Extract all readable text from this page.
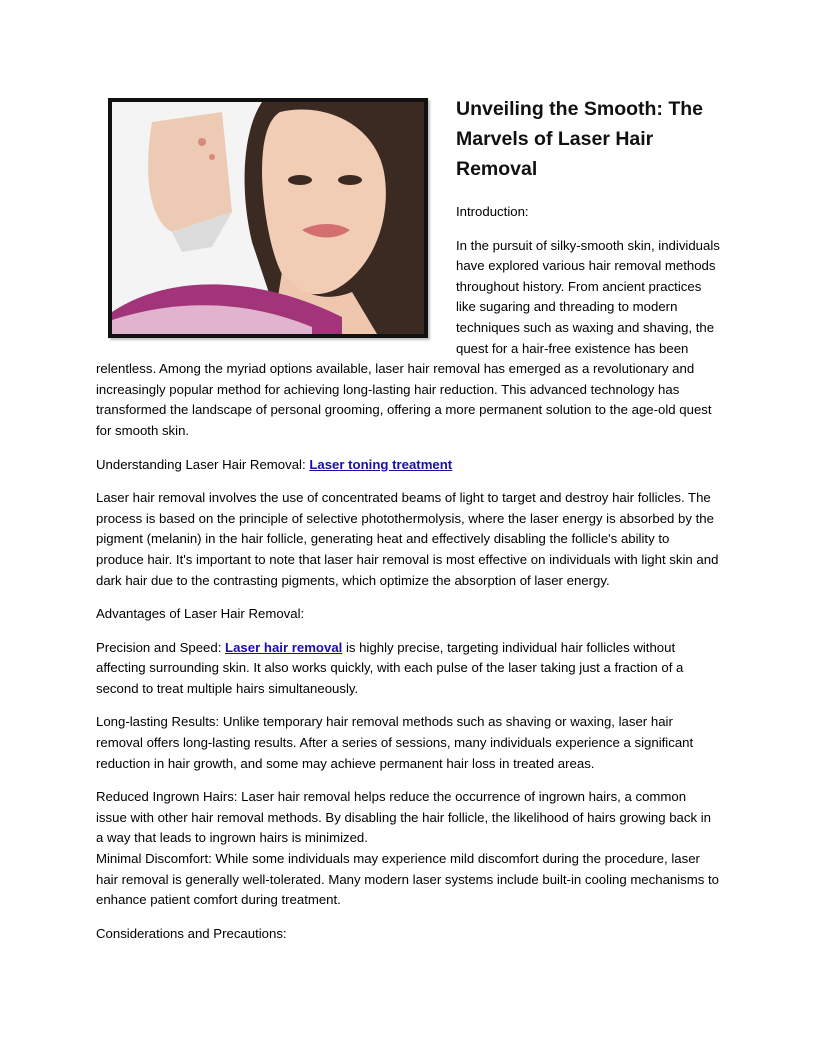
Unveiling the Smooth: The Marvels of Laser Hair Removal

Introduction:

In the pursuit of silky-smooth skin, individuals have explored various hair removal methods throughout history. From ancient practices like sugaring and threading to modern techniques such as waxing and shaving, the quest for a hair-free existence has been relentless. Among the myriad options available, laser hair removal has emerged as a revolutionary and increasingly popular method for achieving long-lasting hair reduction. This advanced technology has transformed the landscape of personal grooming, offering a more permanent solution to the age-old quest for smooth skin.

Understanding Laser Hair Removal: Laser toning treatment

Laser hair removal involves the use of concentrated beams of light to target and destroy hair follicles. The process is based on the principle of selective photothermolysis, where the laser energy is absorbed by the pigment (melanin) in the hair follicle, generating heat and effectively disabling the follicle's ability to produce hair. It's important to note that laser hair removal is most effective on individuals with light skin and dark hair due to the contrasting pigments, which optimize the absorption of laser energy.

Advantages of Laser Hair Removal:

Precision and Speed: Laser hair removal is highly precise, targeting individual hair follicles without affecting surrounding skin. It also works quickly, with each pulse of the laser taking just a fraction of a second to treat multiple hairs simultaneously.

Long-lasting Results: Unlike temporary hair removal methods such as shaving or waxing, laser hair removal offers long-lasting results. After a series of sessions, many individuals experience a significant reduction in hair growth, and some may achieve permanent hair loss in treated areas.

Reduced Ingrown Hairs: Laser hair removal helps reduce the occurrence of ingrown hairs, a common issue with other hair removal methods. By disabling the hair follicle, the likelihood of hairs growing back in a way that leads to ingrown hairs is minimized.

Minimal Discomfort: While some individuals may experience mild discomfort during the procedure, laser hair removal is generally well-tolerated. Many modern laser systems include built-in cooling mechanisms to enhance patient comfort during treatment.

Considerations and Precautions:
